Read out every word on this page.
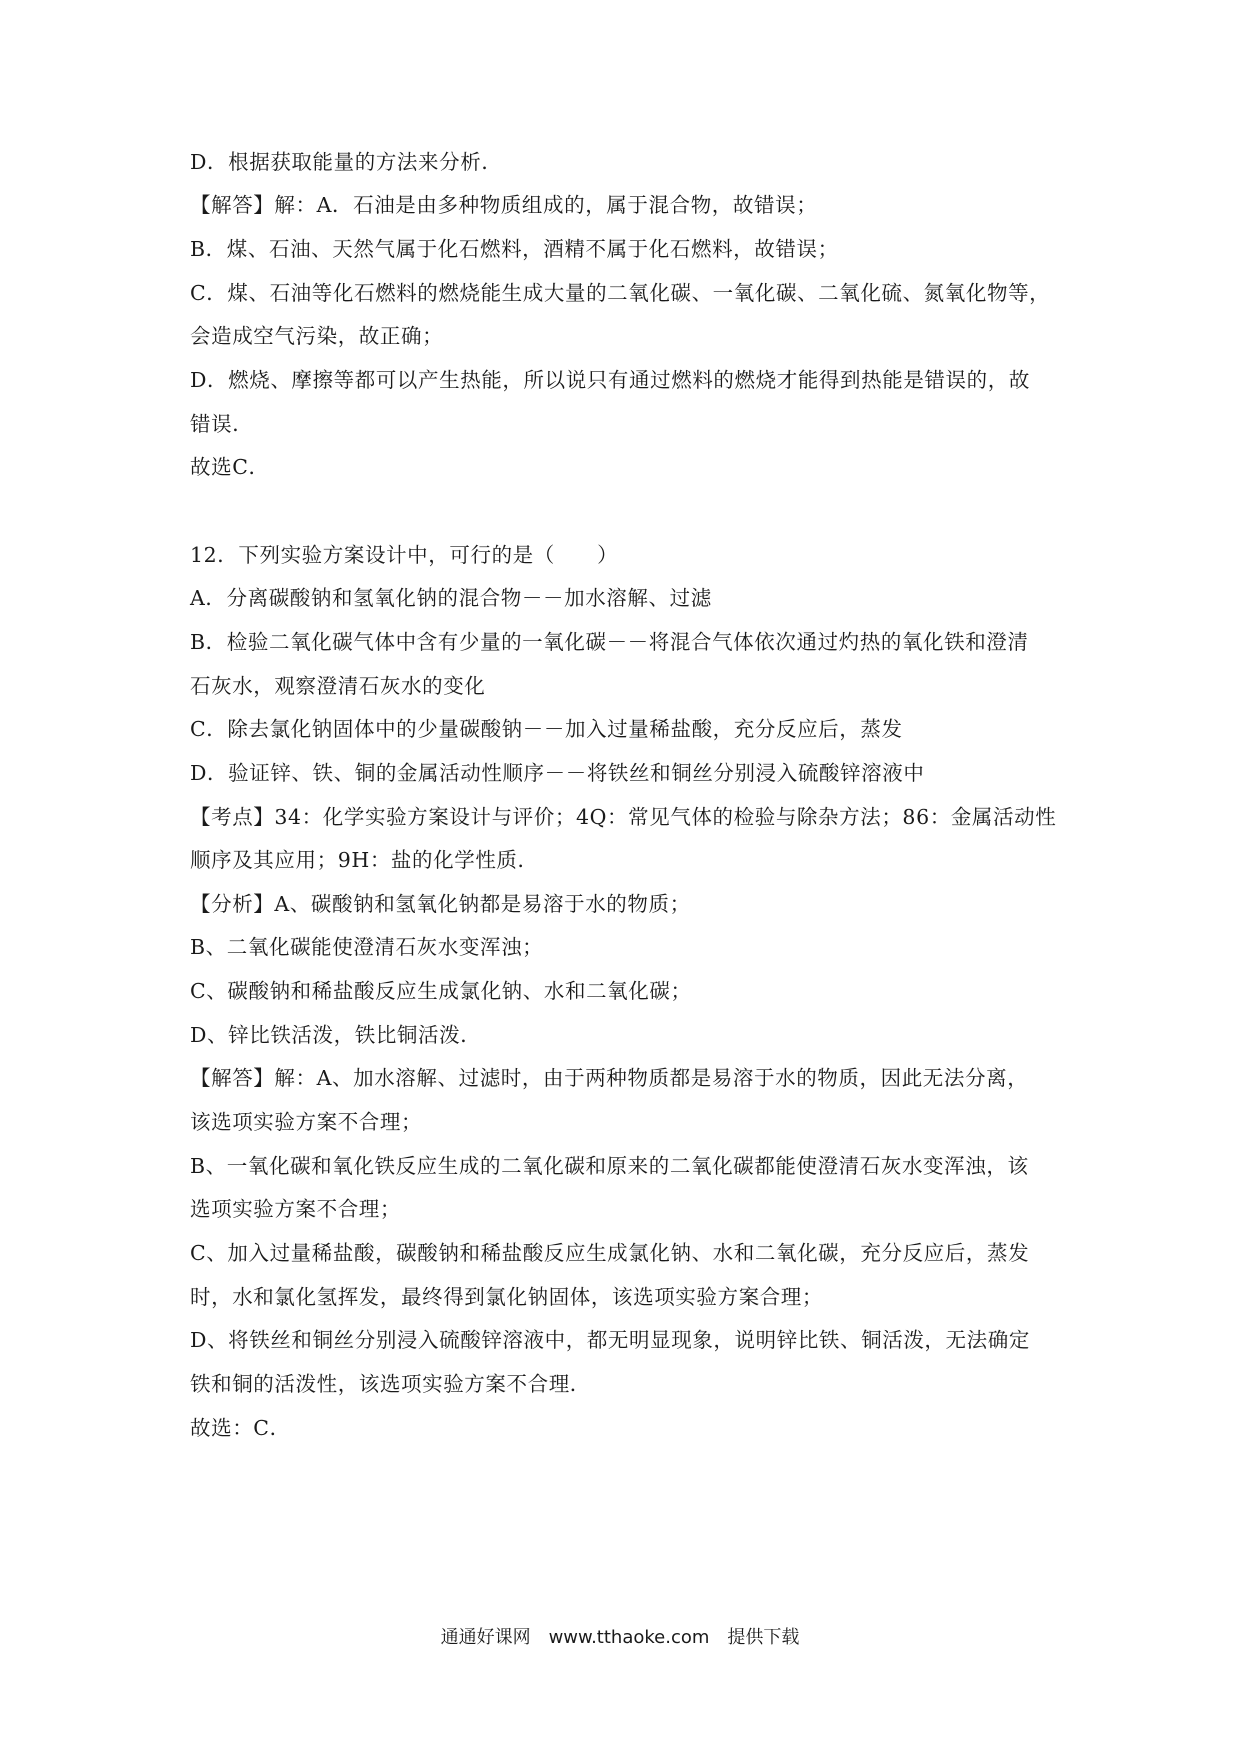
D．根据获取能量的方法来分析．
【解答】解：A．石油是由多种物质组成的，属于混合物，故错误；
B．煤、石油、天然气属于化石燃料，酒精不属于化石燃料，故错误；
C．煤、石油等化石燃料的燃烧能生成大量的二氧化碳、一氧化碳、二氧化硫、氮氧化物等，
会造成空气污染，故正确；
D．燃烧、摩擦等都可以产生热能，所以说只有通过燃料的燃烧才能得到热能是错误的，故
错误．
故选C．
12．下列实验方案设计中，可行的是（　　）
A．分离碳酸钠和氢氧化钠的混合物－－加水溶解、过滤
B．检验二氧化碳气体中含有少量的一氧化碳－－将混合气体依次通过灼热的氧化铁和澄清
石灰水，观察澄清石灰水的变化
C．除去氯化钠固体中的少量碳酸钠－－加入过量稀盐酸，充分反应后，蒸发
D．验证锌、铁、铜的金属活动性顺序－－将铁丝和铜丝分别浸入硫酸锌溶液中
【考点】34：化学实验方案设计与评价；4Q：常见气体的检验与除杂方法；86：金属活动性
顺序及其应用；9H：盐的化学性质．
【分析】A、碳酸钠和氢氧化钠都是易溶于水的物质；
B、二氧化碳能使澄清石灰水变浑浊；
C、碳酸钠和稀盐酸反应生成氯化钠、水和二氧化碳；
D、锌比铁活泼，铁比铜活泼．
【解答】解：A、加水溶解、过滤时，由于两种物质都是易溶于水的物质，因此无法分离，
该选项实验方案不合理；
B、一氧化碳和氧化铁反应生成的二氧化碳和原来的二氧化碳都能使澄清石灰水变浑浊，该
选项实验方案不合理；
C、加入过量稀盐酸，碳酸钠和稀盐酸反应生成氯化钠、水和二氧化碳，充分反应后，蒸发
时，水和氯化氢挥发，最终得到氯化钠固体，该选项实验方案合理；
D、将铁丝和铜丝分别浸入硫酸锌溶液中，都无明显现象，说明锌比铁、铜活泼，无法确定
铁和铜的活泼性，该选项实验方案不合理．
故选：C．
通通好课网　www.tthaoke.com　提供下载
